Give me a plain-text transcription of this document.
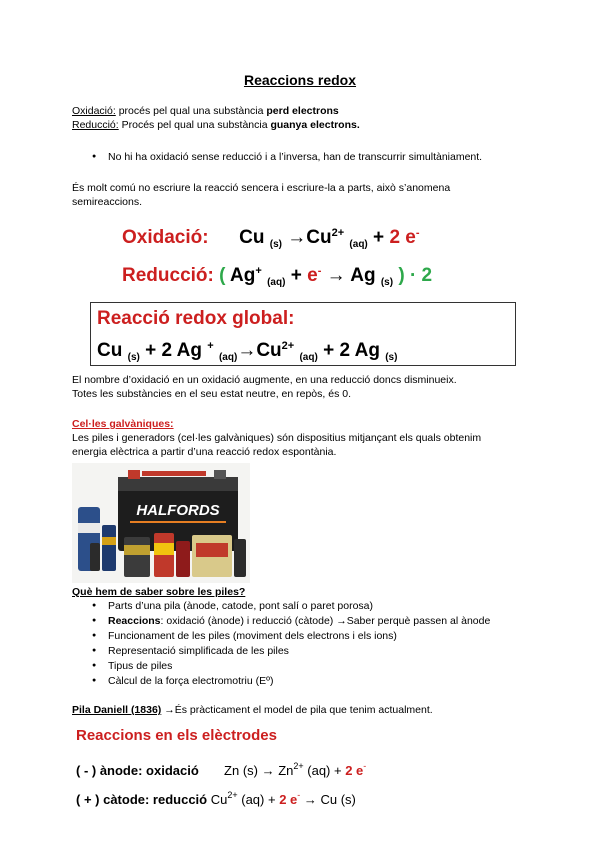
Reaccions redox
Oxidació: procés pel qual una substància perd electrons
Reducció: Procés pel qual una substància guanya electrons.
● No hi ha oxidació sense reducció i a l’inversa, han de transcurrir simultàniament.
És molt comú no escriure la reacció sencera i escriure-la a parts, això s’anomena
semireaccions.
Oxidació: Cu $_{(s)} \to Cu^{2+}$ $_{(aq)}$ + 2 e-
Reducció: ( Ag+ $_{(aq)}$ + e- → Ag $_{(s)}$ ) · 2
Reacció redox global:
Cu $_{(s)}$ + 2 Ag + $_{(aq)}\to Cu^{2+}$ $_{(aq)}$ + 2 Ag $_{(s)}$
El nombre d’oxidació en un oxidació augmente, en una reducció doncs disminueix.
Totes les substàncies en el seu estat neutre, en repòs, és 0.
Cel·les galvàniques:
Les piles i generadors (cel·les galvàniques) són dispositius mitjançant els quals obtenim
energia elèctrica a partir d’una reacció redox espontània.
HALFORDS
Què hem de saber sobre les piles?
● Parts d’una pila (ànode, catode, pont salí o paret porosa)
● Reaccions: oxidació (ànode) i reducció (càtode) →Saber perquè passen al ànode
● Funcionament de les piles (moviment dels electrons i els ions)
● Representació simplificada de les piles
● Tipus de piles
● Càlcul de la força electromotriu (Eº)
Pila Daniell (1836) →És pràcticament el model de pila que tenim actualment.
Reaccions en els elèctrodes
( - ) ànode: oxidació Zn $(s) \to Zn^{2+}$ (aq) + 2 e-
( + ) càtode: reducció $Cu^{2+}$ (aq) + 2 e- → Cu (s)
